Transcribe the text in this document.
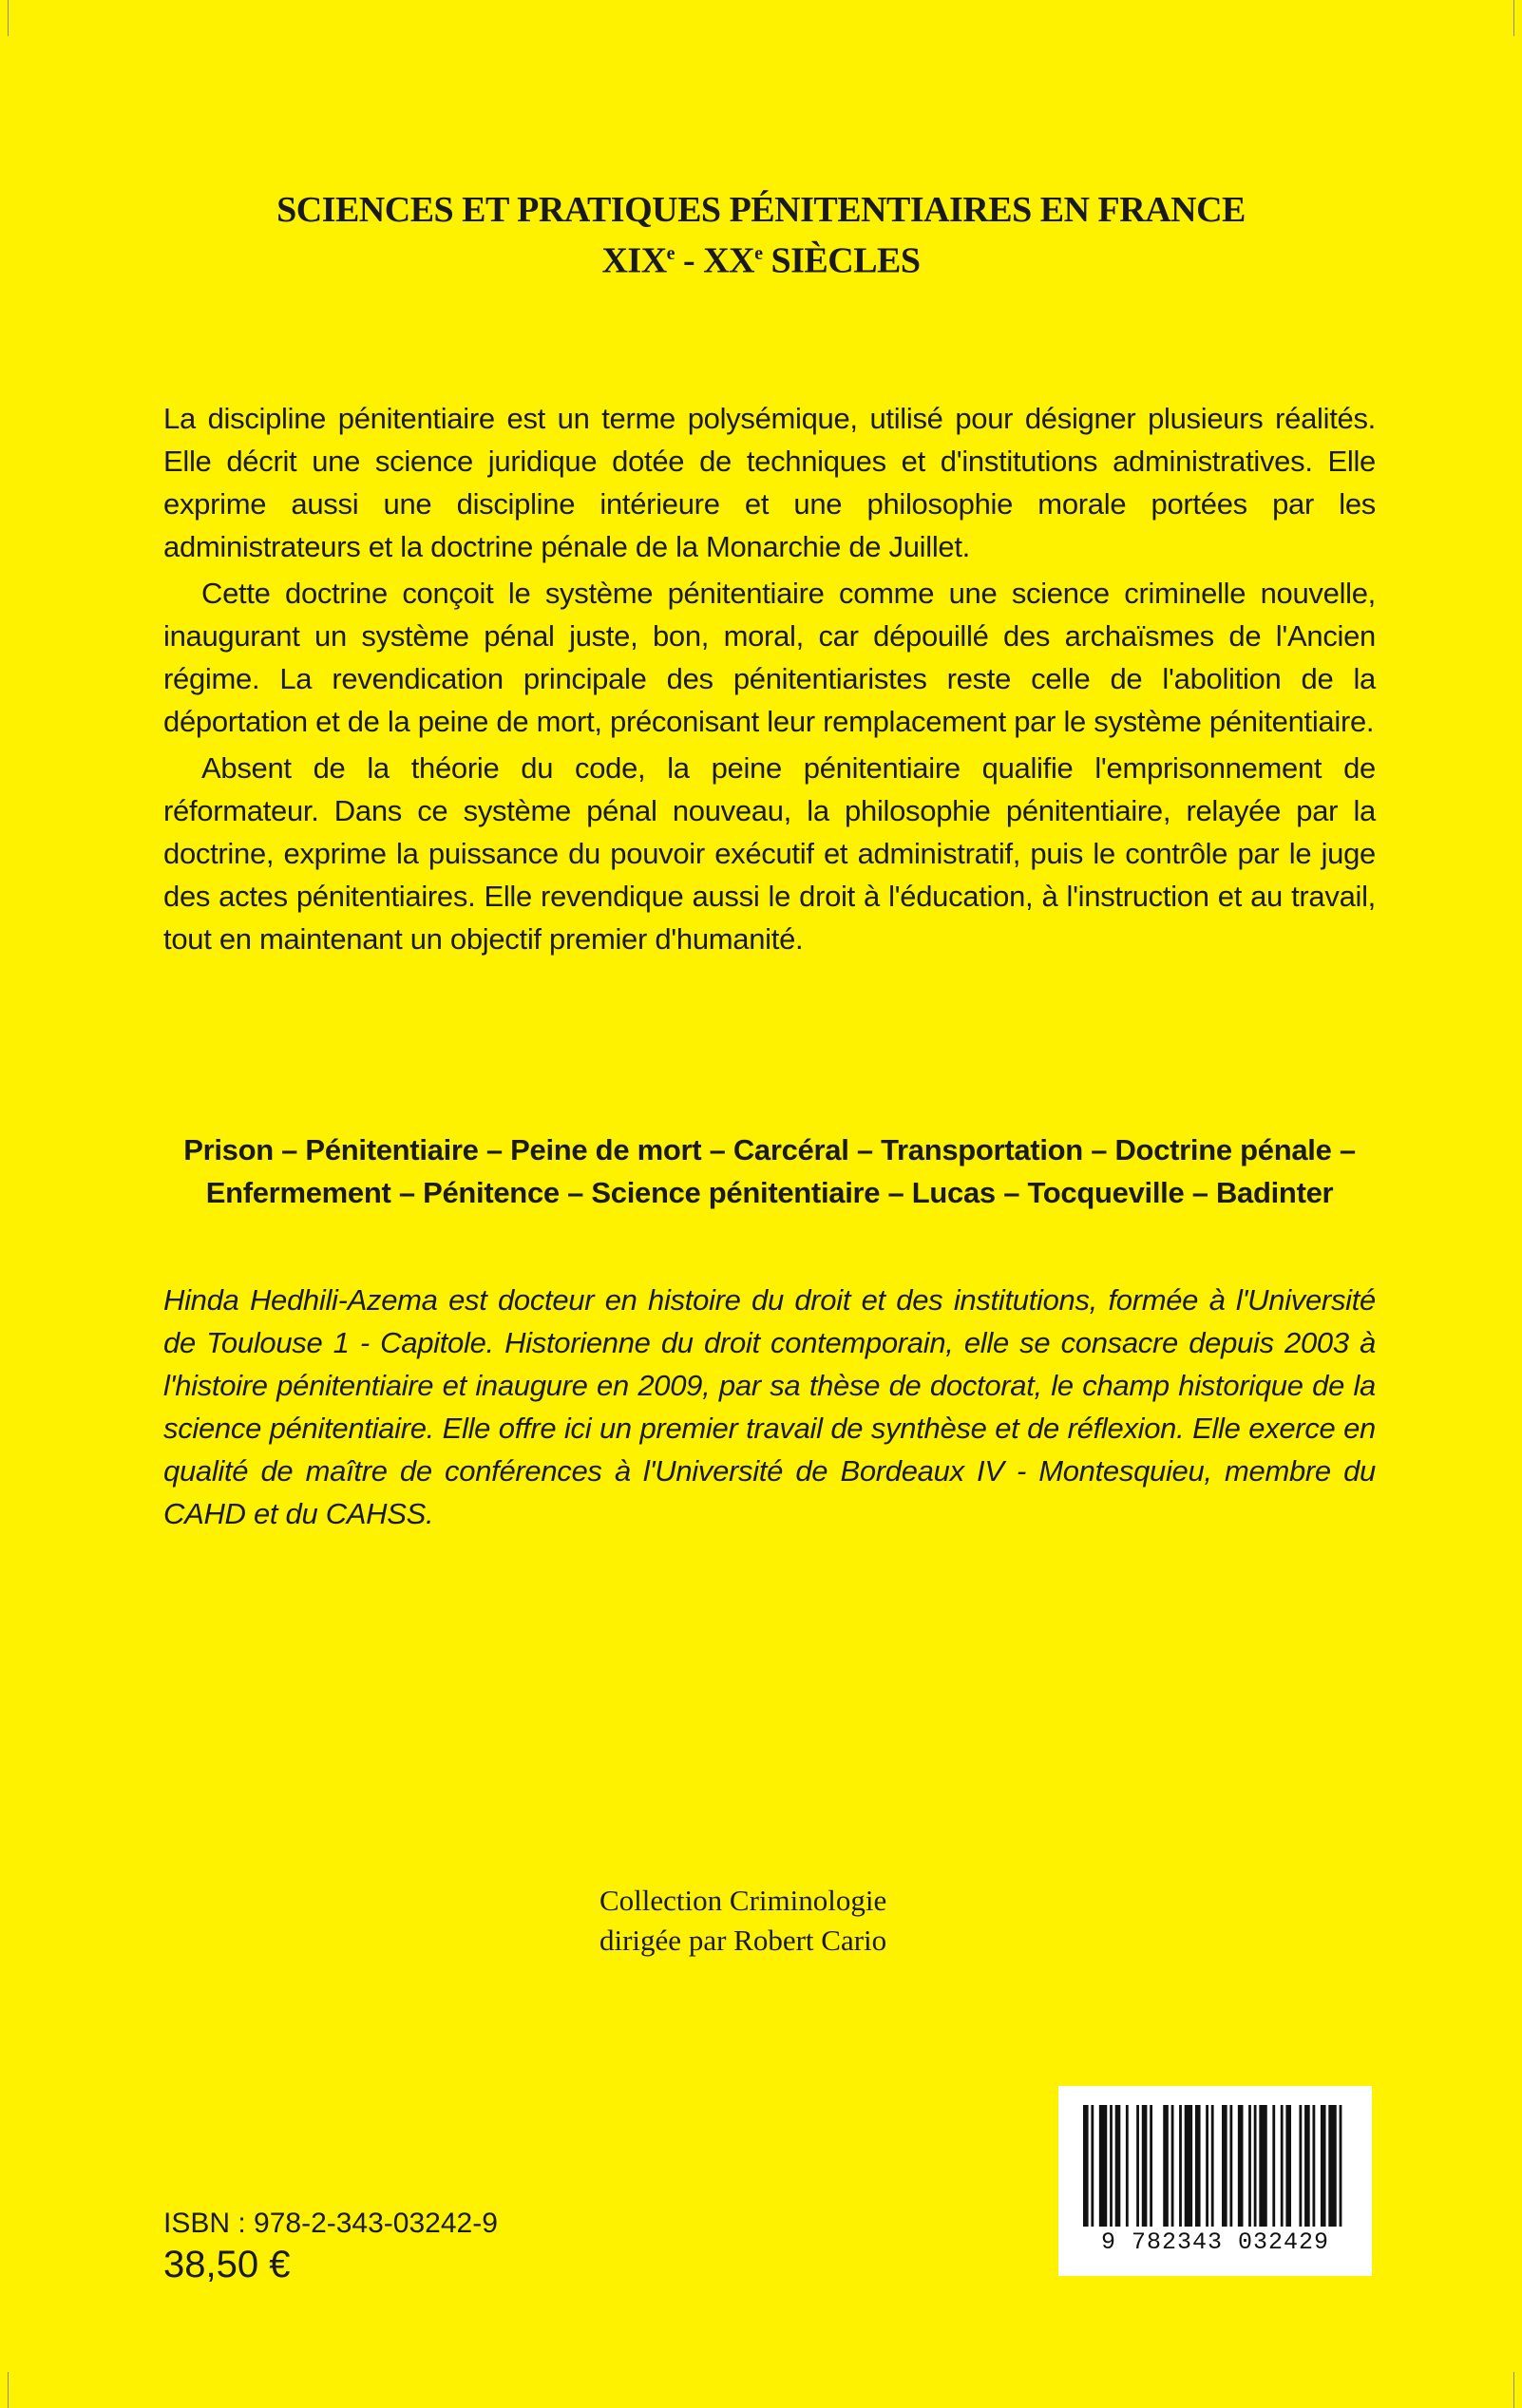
SCIENCES ET PRATIQUES PÉNITENTIAIRES EN FRANCE
XIXe - XXe SIÈCLES

La discipline pénitentiaire est un terme polysémique, utilisé pour désigner plusieurs réalités. Elle décrit une science juridique dotée de techniques et d'institutions administratives. Elle exprime aussi une discipline intérieure et une philosophie morale portées par les administrateurs et la doctrine pénale de la Monarchie de Juillet.

Cette doctrine conçoit le système pénitentiaire comme une science criminelle nouvelle, inaugurant un système pénal juste, bon, moral, car dépouillé des archaïsmes de l'Ancien régime. La revendication principale des pénitentiaristes reste celle de l'abolition de la déportation et de la peine de mort, préconisant leur remplacement par le système pénitentiaire.

Absent de la théorie du code, la peine pénitentiaire qualifie l'emprisonnement de réformateur. Dans ce système pénal nouveau, la philosophie pénitentiaire, relayée par la doctrine, exprime la puissance du pouvoir exécutif et administratif, puis le contrôle par le juge des actes pénitentiaires. Elle revendique aussi le droit à l'éducation, à l'instruction et au travail, tout en maintenant un objectif premier d'humanité.

Prison – Pénitentiaire – Peine de mort – Carcéral – Transportation – Doctrine pénale – Enfermement – Pénitence – Science pénitentiaire – Lucas – Tocqueville – Badinter
Hinda Hedhili-Azema est docteur en histoire du droit et des institutions, formée à l'Université de Toulouse 1 - Capitole. Historienne du droit contemporain, elle se consacre depuis 2003 à l'histoire pénitentiaire et inaugure en 2009, par sa thèse de doctorat, le champ historique de la science pénitentiaire. Elle offre ici un premier travail de synthèse et de réflexion. Elle exerce en qualité de maître de conférences à l'Université de Bordeaux IV - Montesquieu, membre du CAHD et du CAHSS.
Collection Criminologie
dirigée par Robert Cario
ISBN : 978-2-343-03242-9
38,50 €
9 782343 032429
